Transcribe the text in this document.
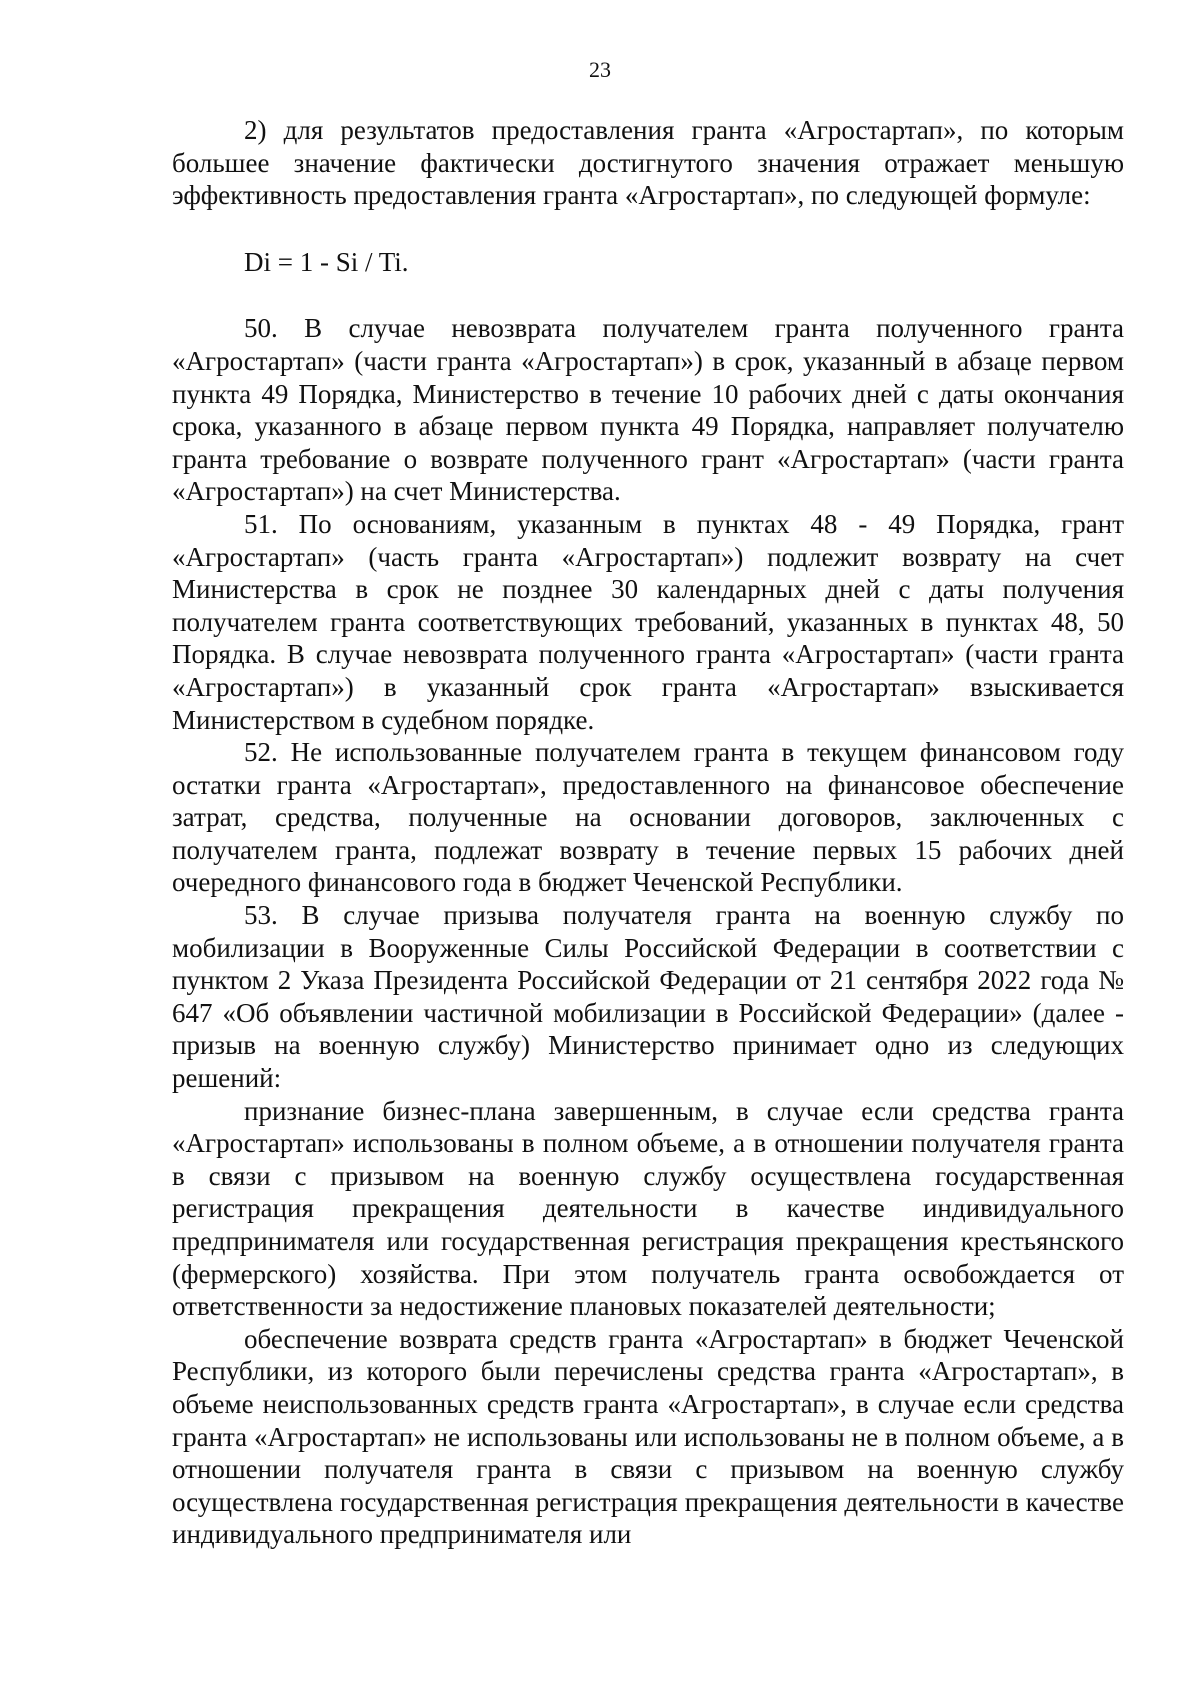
23

2) для результатов предоставления гранта «Агростартап», по которым большее значение фактически достигнутого значения отражает меньшую эффективность предоставления гранта «Агростартап», по следующей формуле:

Di = 1 - Si / Ti.

50. В случае невозврата получателем гранта полученного гранта «Агростартап» (части гранта «Агростартап») в срок, указанный в абзаце первом пункта 49 Порядка, Министерство в течение 10 рабочих дней с даты окончания срока, указанного в абзаце первом пункта 49 Порядка, направляет получателю гранта требование о возврате полученного грант «Агростартап» (части гранта «Агростартап») на счет Министерства.

51. По основаниям, указанным в пунктах 48 - 49 Порядка, грант «Агростартап» (часть гранта «Агростартап») подлежит возврату на счет Министерства в срок не позднее 30 календарных дней с даты получения получателем гранта соответствующих требований, указанных в пунктах 48, 50 Порядка. В случае невозврата полученного гранта «Агростартап» (части гранта «Агростартап») в указанный срок гранта «Агростартап» взыскивается Министерством в судебном порядке.

52. Не использованные получателем гранта в текущем финансовом году остатки гранта «Агростартап», предоставленного на финансовое обеспечение затрат, средства, полученные на основании договоров, заключенных с получателем гранта, подлежат возврату в течение первых 15 рабочих дней очередного финансового года в бюджет Чеченской Республики.

53. В случае призыва получателя гранта на военную службу по мобилизации в Вооруженные Силы Российской Федерации в соответствии с пунктом 2 Указа Президента Российской Федерации от 21 сентября 2022 года № 647 «Об объявлении частичной мобилизации в Российской Федерации» (далее - призыв на военную службу) Министерство принимает одно из следующих решений:

признание бизнес-плана завершенным, в случае если средства гранта «Агростартап» использованы в полном объеме, а в отношении получателя гранта в связи с призывом на военную службу осуществлена государственная регистрация прекращения деятельности в качестве индивидуального предпринимателя или государственная регистрация прекращения крестьянского (фермерского) хозяйства. При этом получатель гранта освобождается от ответственности за недостижение плановых показателей деятельности;

обеспечение возврата средств гранта «Агростартап» в бюджет Чеченской Республики, из которого были перечислены средства гранта «Агростартап», в объеме неиспользованных средств гранта «Агростартап», в случае если средства гранта «Агростартап» не использованы или использованы не в полном объеме, а в отношении получателя гранта в связи с призывом на военную службу осуществлена государственная регистрация прекращения деятельности в качестве индивидуального предпринимателя или
